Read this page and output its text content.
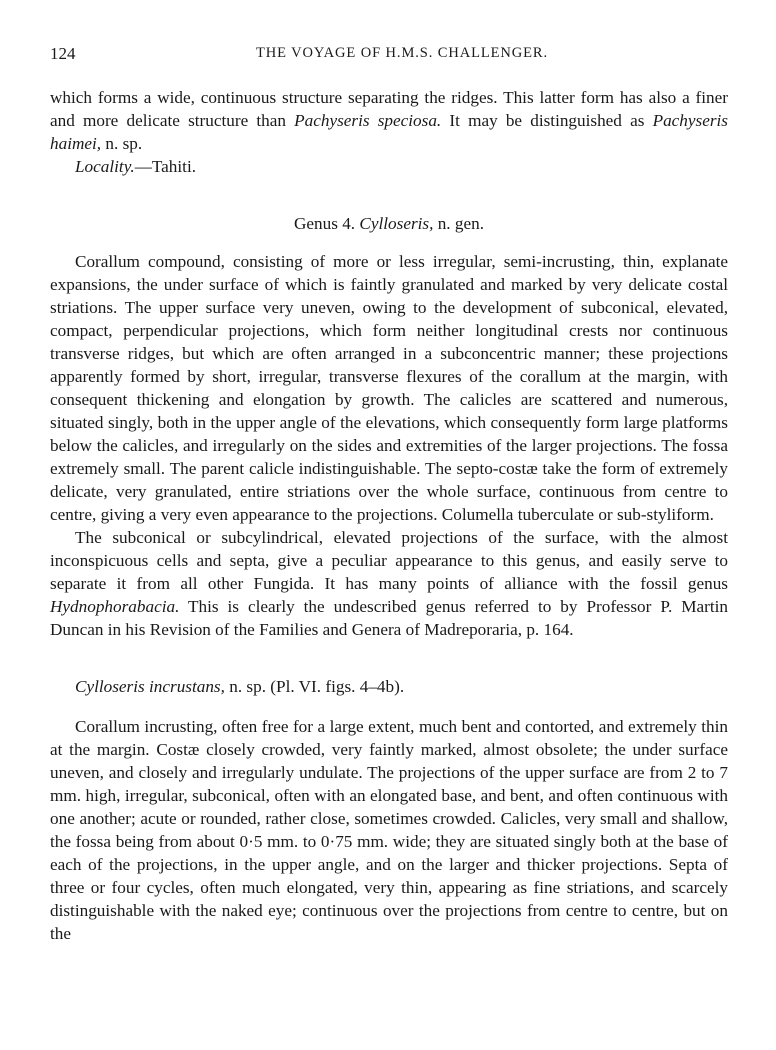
124	THE VOYAGE OF H.M.S. CHALLENGER.

which forms a wide, continuous structure separating the ridges. This latter form has also a finer and more delicate structure than Pachyseris speciosa. It may be distinguished as Pachyseris haimei, n. sp.

Locality.—Tahiti.

Genus 4. Cylloseris, n. gen.

Corallum compound, consisting of more or less irregular, semi-incrusting, thin, explanate expansions, the under surface of which is faintly granulated and marked by very delicate costal striations. The upper surface very uneven, owing to the development of subconical, elevated, compact, perpendicular projections, which form neither longitudinal crests nor continuous transverse ridges, but which are often arranged in a subconcentric manner; these projections apparently formed by short, irregular, transverse flexures of the corallum at the margin, with consequent thickening and elongation by growth. The calicles are scattered and numerous, situated singly, both in the upper angle of the elevations, which consequently form large platforms below the calicles, and irregularly on the sides and extremities of the larger projections. The fossa extremely small. The parent calicle indistinguishable. The septo-costæ take the form of extremely delicate, very granulated, entire striations over the whole surface, continuous from centre to centre, giving a very even appearance to the projections. Columella tuberculate or sub-styliform.

The subconical or subcylindrical, elevated projections of the surface, with the almost inconspicuous cells and septa, give a peculiar appearance to this genus, and easily serve to separate it from all other Fungida. It has many points of alliance with the fossil genus Hydnophorabacia. This is clearly the undescribed genus referred to by Professor P. Martin Duncan in his Revision of the Families and Genera of Madreporaria, p. 164.

Cylloseris incrustans, n. sp. (Pl. VI. figs. 4–4b).

Corallum incrusting, often free for a large extent, much bent and contorted, and extremely thin at the margin. Costæ closely crowded, very faintly marked, almost obsolete; the under surface uneven, and closely and irregularly undulate. The projections of the upper surface are from 2 to 7 mm. high, irregular, subconical, often with an elongated base, and bent, and often continuous with one another; acute or rounded, rather close, sometimes crowded. Calicles, very small and shallow, the fossa being from about 0·5 mm. to 0·75 mm. wide; they are situated singly both at the base of each of the projections, in the upper angle, and on the larger and thicker projections. Septa of three or four cycles, often much elongated, very thin, appearing as fine striations, and scarcely distinguishable with the naked eye; continuous over the projections from centre to centre, but on the
